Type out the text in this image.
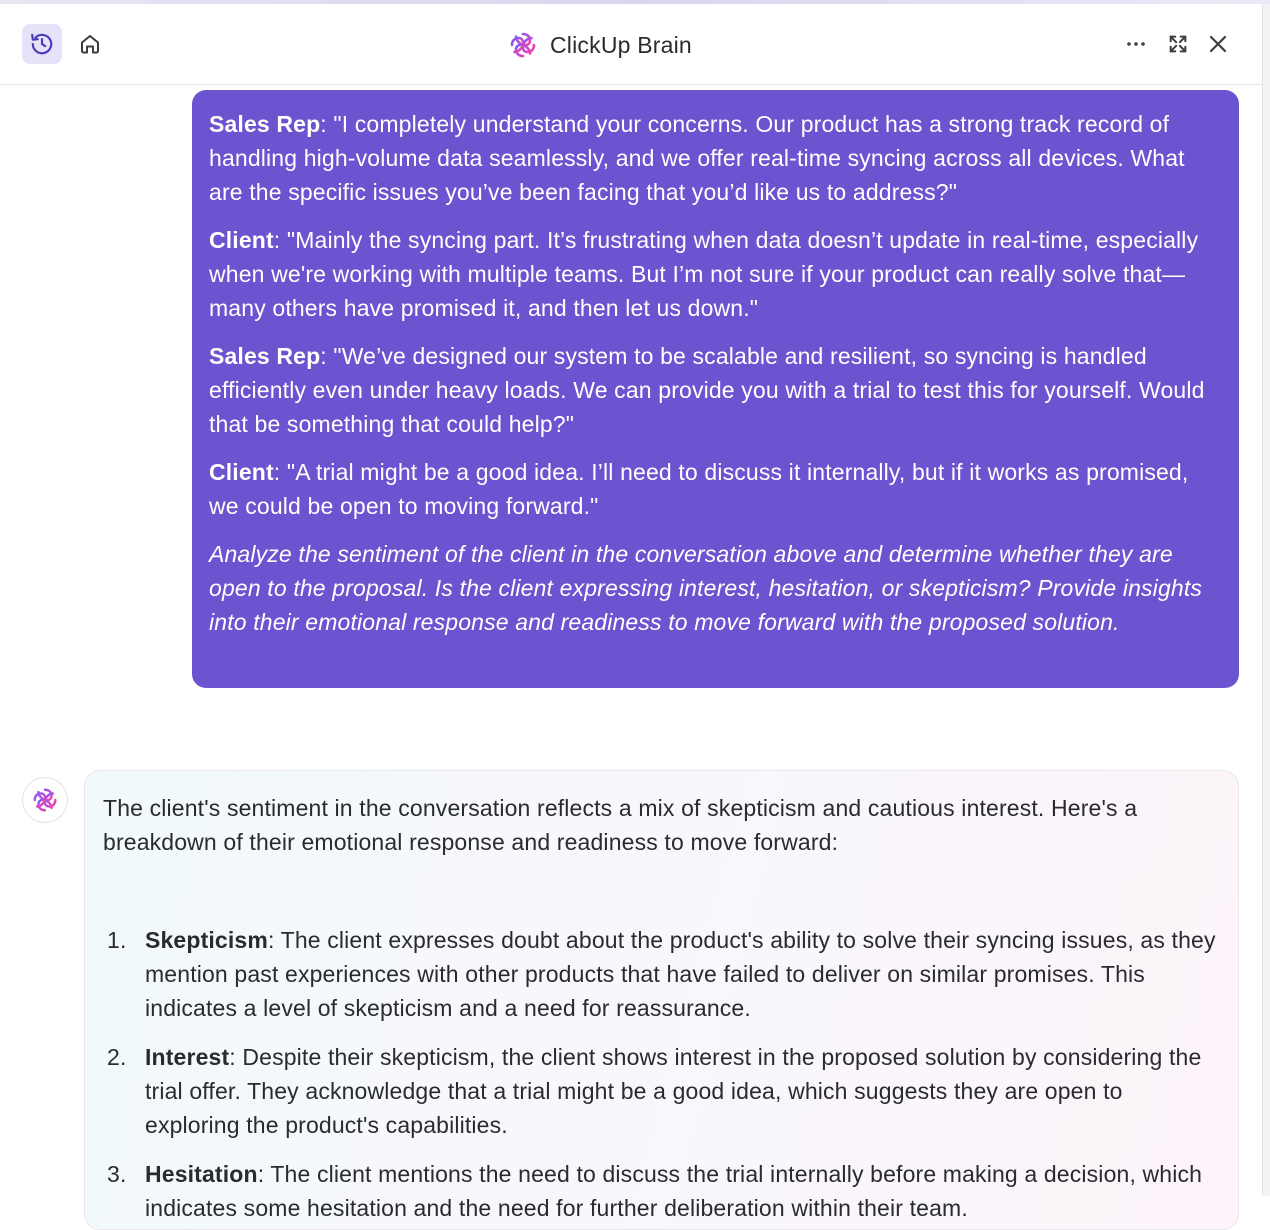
ClickUp Brain

Sales Rep: "I completely understand your concerns. Our product has a strong track record of handling high-volume data seamlessly, and we offer real-time syncing across all devices. What are the specific issues you’ve been facing that you’d like us to address?"

Client: "Mainly the syncing part. It’s frustrating when data doesn’t update in real-time, especially when we're working with multiple teams. But I’m not sure if your product can really solve that—many others have promised it, and then let us down."

Sales Rep: "We’ve designed our system to be scalable and resilient, so syncing is handled efficiently even under heavy loads. We can provide you with a trial to test this for yourself. Would that be something that could help?"

Client: "A trial might be a good idea. I’ll need to discuss it internally, but if it works as promised, we could be open to moving forward."

Analyze the sentiment of the client in the conversation above and determine whether they are open to the proposal. Is the client expressing interest, hesitation, or skepticism? Provide insights into their emotional response and readiness to move forward with the proposed solution.

The client's sentiment in the conversation reflects a mix of skepticism and cautious interest. Here's a breakdown of their emotional response and readiness to move forward:

1. Skepticism: The client expresses doubt about the product's ability to solve their syncing issues, as they mention past experiences with other products that have failed to deliver on similar promises. This indicates a level of skepticism and a need for reassurance.
2. Interest: Despite their skepticism, the client shows interest in the proposed solution by considering the trial offer. They acknowledge that a trial might be a good idea, which suggests they are open to exploring the product's capabilities.
3. Hesitation: The client mentions the need to discuss the trial internally before making a decision, which indicates some hesitation and the need for further deliberation within their team.
